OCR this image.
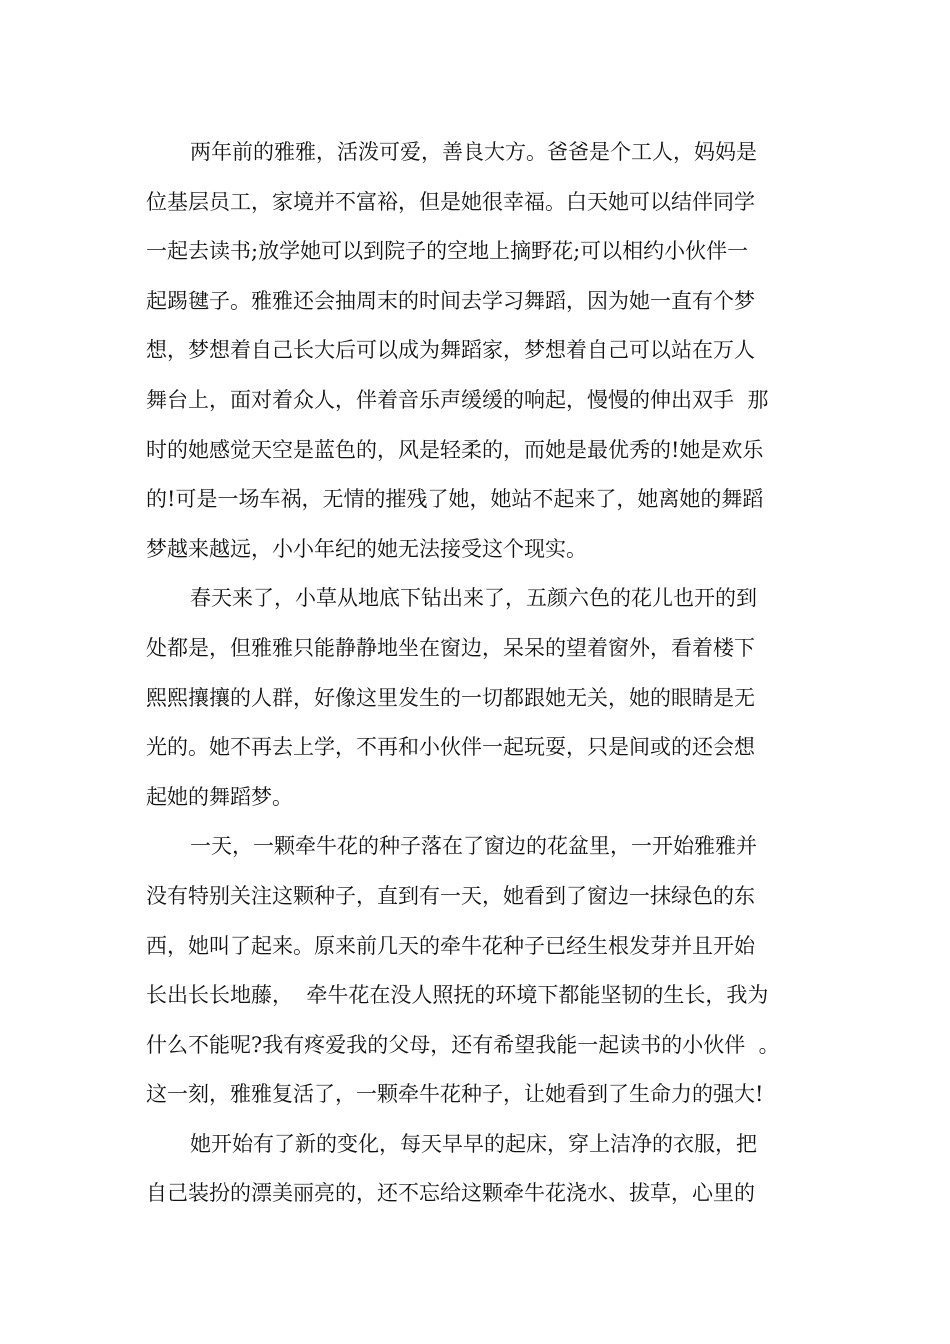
两年前的雅雅，活泼可爱，善良大方。爸爸是个工人，妈妈是
位基层员工，家境并不富裕，但是她很幸福。白天她可以结伴同学
一起去读书;放学她可以到院子的空地上摘野花;可以相约小伙伴一
起踢毽子。雅雅还会抽周末的时间去学习舞蹈，因为她一直有个梦
想，梦想着自己长大后可以成为舞蹈家，梦想着自己可以站在万人
舞台上，面对着众人，伴着音乐声缓缓的响起，慢慢的伸出双手  那
时的她感觉天空是蓝色的，风是轻柔的，而她是最优秀的!她是欢乐
的!可是一场车祸，无情的摧残了她，她站不起来了，她离她的舞蹈
梦越来越远，小小年纪的她无法接受这个现实。
春天来了，小草从地底下钻出来了，五颜六色的花儿也开的到
处都是，但雅雅只能静静地坐在窗边，呆呆的望着窗外，看着楼下
熙熙攘攘的人群，好像这里发生的一切都跟她无关，她的眼睛是无
光的。她不再去上学，不再和小伙伴一起玩耍，只是间或的还会想
起她的舞蹈梦。
一天，一颗牵牛花的种子落在了窗边的花盆里，一开始雅雅并
没有特别关注这颗种子，直到有一天，她看到了窗边一抹绿色的东
西，她叫了起来。原来前几天的牵牛花种子已经生根发芽并且开始
长出长长地藤，  牵牛花在没人照抚的环境下都能坚韧的生长，我为
什么不能呢?我有疼爱我的父母，还有希望我能一起读书的小伙伴  。
这一刻，雅雅复活了，一颗牵牛花种子，让她看到了生命力的强大!
她开始有了新的变化，每天早早的起床，穿上洁净的衣服，把
自己装扮的漂美丽亮的，还不忘给这颗牵牛花浇水、拔草，心里的
